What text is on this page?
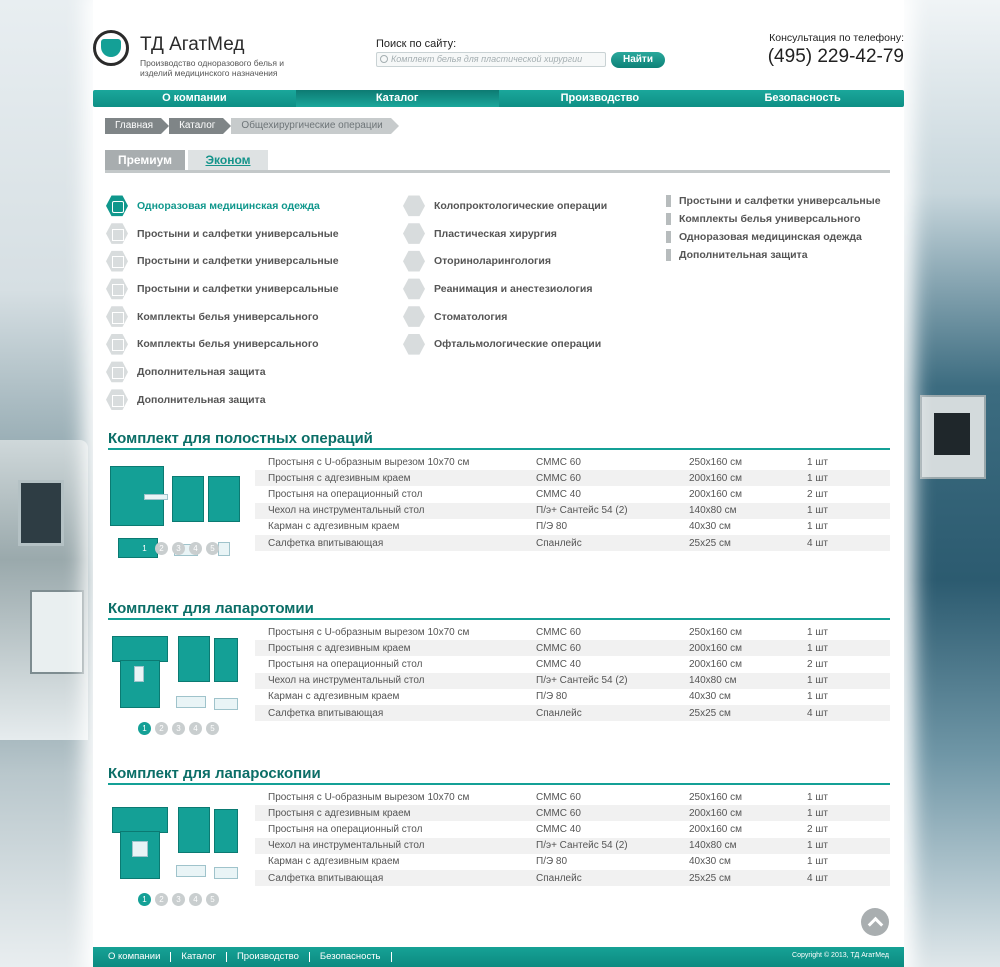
ТД АгатМед
Производство одноразового белья и изделий медицинского назначения
Поиск по сайту:
Комплект белья для пластической хирургии	Найти
Консультация по телефону:
(495) 229-42-79
О компании	Каталог	Производство	Безопасность
Главная	Каталог	Общехирургические операции
Премиум	Эконом
Одноразовая медицинская одежда
Простыни и салфетки универсальные
Простыни и салфетки универсальные
Простыни и салфетки универсальные
Комплекты белья универсального
Комплекты белья универсального
Дополнительная защита
Дополнительная защита
Колопроктологические операции
Пластическая хирургия
Оториноларингология
Реанимация и анестезиология
Стоматология
Офтальмологические операции
Простыни и салфетки универсальные
Комплекты белья универсального
Одноразовая медицинская одежда
Дополнительная защита
Комплект для полостных операций
1	2	3	4	5
Простыня с U-образным вырезом 10х70 см	СММС 60	250х160 см	1 шт
Простыня с адгезивным краем	СММС 60	200х160 см	1 шт
Простыня на операционный стол	СММС 40	200х160 см	2 шт
Чехол на инструментальный стол	П/э+ Сантейс 54 (2)	140х80 см	1 шт
Карман с адгезивным краем	П/Э 80	40х30 см	1 шт
Салфетка впитывающая	Спанлейс	25х25 см	4 шт
Комплект для лапаротомии
1	2	3	4	5
Простыня с U-образным вырезом 10х70 см	СММС 60	250х160 см	1 шт
Простыня с адгезивным краем	СММС 60	200х160 см	1 шт
Простыня на операционный стол	СММС 40	200х160 см	2 шт
Чехол на инструментальный стол	П/э+ Сантейс 54 (2)	140х80 см	1 шт
Карман с адгезивным краем	П/Э 80	40х30 см	1 шт
Салфетка впитывающая	Спанлейс	25х25 см	4 шт
Комплект для лапароскопии
1	2	3	4	5
Простыня с U-образным вырезом 10х70 см	СММС 60	250х160 см	1 шт
Простыня с адгезивным краем	СММС 60	200х160 см	1 шт
Простыня на операционный стол	СММС 40	200х160 см	2 шт
Чехол на инструментальный стол	П/э+ Сантейс 54 (2)	140х80 см	1 шт
Карман с адгезивным краем	П/Э 80	40х30 см	1 шт
Салфетка впитывающая	Спанлейс	25х25 см	4 шт
О компании	Каталог	Производство	Безопасность	Copyright © 2013, ТД АгатМед
